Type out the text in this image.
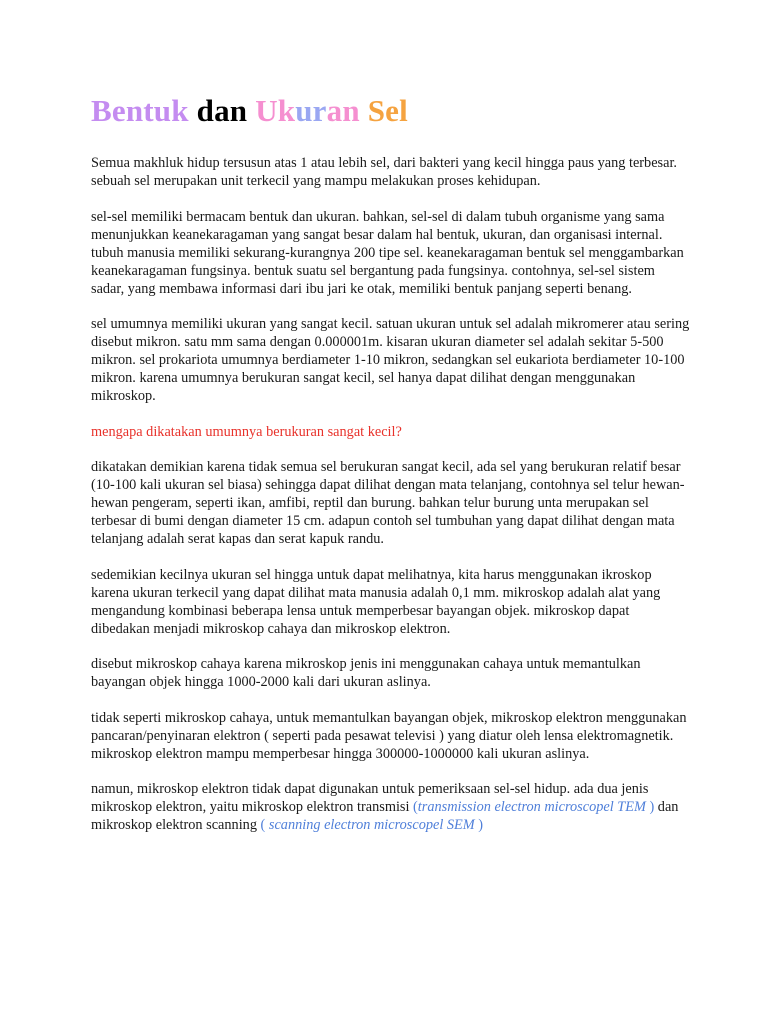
Bentuk dan Ukuran Sel

Semua makhluk hidup tersusun atas 1 atau lebih sel, dari bakteri yang kecil hingga paus yang terbesar. sebuah sel merupakan unit terkecil yang mampu melakukan proses kehidupan.

sel-sel memiliki bermacam bentuk dan ukuran. bahkan, sel-sel di dalam tubuh organisme yang sama menunjukkan keanekaragaman yang sangat besar dalam hal bentuk, ukuran, dan organisasi internal. tubuh manusia memiliki sekurang-kurangnya 200 tipe sel. keanekaragaman bentuk sel menggambarkan keanekaragaman fungsinya. bentuk suatu sel bergantung pada fungsinya. contohnya, sel-sel sistem sadar, yang membawa informasi dari ibu jari ke otak, memiliki bentuk panjang seperti benang.

sel umumnya memiliki ukuran yang sangat kecil. satuan ukuran untuk sel adalah mikromerer atau sering disebut mikron. satu mm sama dengan 0.000001m. kisaran ukuran diameter sel adalah sekitar 5-500 mikron. sel prokariota umumnya berdiameter 1-10 mikron, sedangkan sel eukariota berdiameter 10-100 mikron. karena umumnya berukuran sangat kecil, sel hanya dapat dilihat dengan menggunakan mikroskop.

mengapa dikatakan umumnya berukuran sangat kecil?

dikatakan demikian karena tidak semua sel berukuran sangat kecil, ada sel yang berukuran relatif besar (10-100 kali ukuran sel biasa) sehingga dapat dilihat dengan mata telanjang, contohnya sel telur hewan-hewan pengeram, seperti ikan, amfibi, reptil dan burung. bahkan telur burung unta merupakan sel terbesar di bumi dengan diameter 15 cm. adapun contoh sel tumbuhan yang dapat dilihat dengan mata telanjang adalah serat kapas dan serat kapuk randu.

sedemikian kecilnya ukuran sel hingga untuk dapat melihatnya, kita harus menggunakan ikroskop karena ukuran terkecil yang dapat dilihat mata manusia adalah 0,1 mm. mikroskop adalah alat yang mengandung kombinasi beberapa lensa untuk memperbesar bayangan objek. mikroskop dapat dibedakan menjadi mikroskop cahaya dan mikroskop elektron.

disebut mikroskop cahaya karena mikroskop jenis ini menggunakan cahaya untuk memantulkan bayangan objek hingga 1000-2000 kali dari ukuran aslinya.

tidak seperti mikroskop cahaya, untuk memantulkan bayangan objek, mikroskop elektron menggunakan pancaran/penyinaran elektron ( seperti pada pesawat televisi ) yang diatur oleh lensa elektromagnetik. mikroskop elektron mampu memperbesar hingga 300000-1000000 kali ukuran aslinya.

namun, mikroskop elektron tidak dapat digunakan untuk pemeriksaan sel-sel hidup. ada dua jenis mikroskop elektron, yaitu mikroskop elektron transmisi (transmission electron microscopel TEM ) dan mikroskop elektron scanning ( scanning electron microscopel SEM )
